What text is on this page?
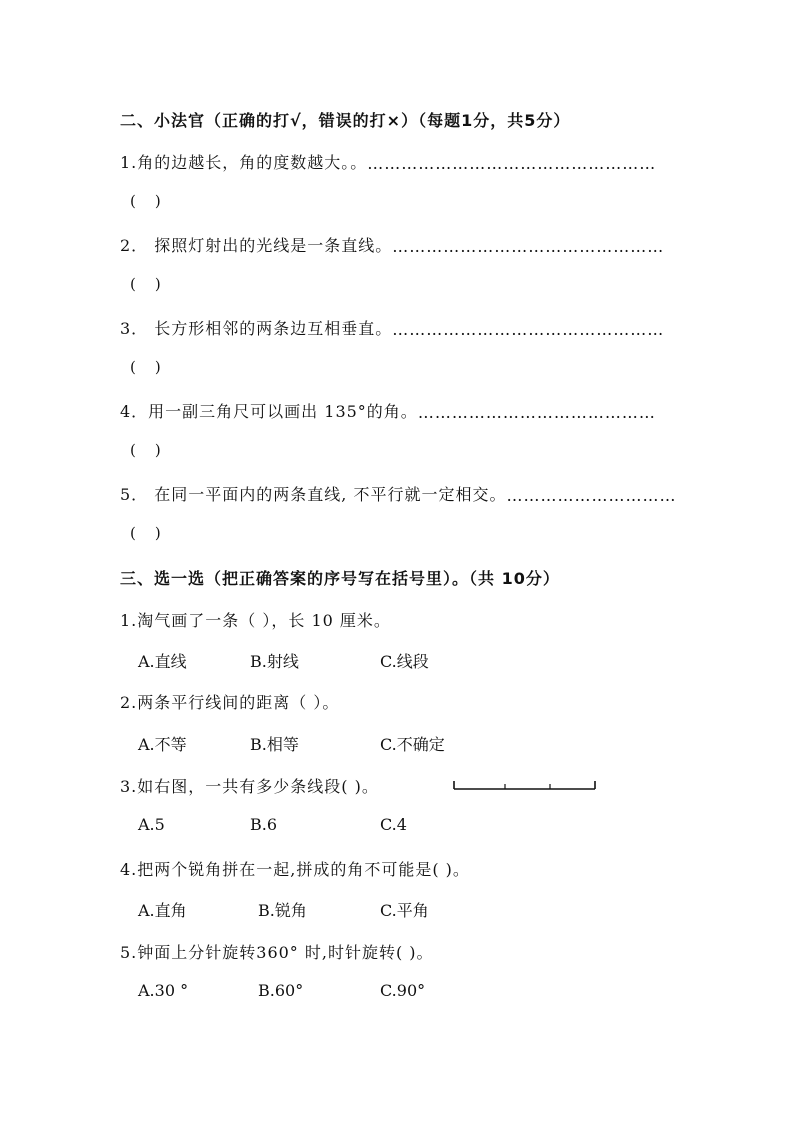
二、小法官（正确的打√，错误的打×）（每题1分，共5分）
1.角的边越长，角的度数越大。。……………………………………………
(    )
2． 探照灯射出的光线是一条直线。…………………………………………
(    )
3． 长方形相邻的两条边互相垂直。…………………………………………
(    )
4．用一副三角尺可以画出 135°的角。……………………………………
(    )
5． 在同一平面内的两条直线, 不平行就一定相交。…………………………
(    )
三、选一选（把正确答案的序号写在括号里）。（共 10分）
1.淘气画了一条（ ），长 10 厘米。
A.直线	B.射线	C.线段
2.两条平行线间的距离（ ）。
A.不等	B.相等	C.不确定
3.如右图，一共有多少条线段( )。
A.5	B.6	C.4
4.把两个锐角拼在一起,拼成的角不可能是( )。
A.直角	B.锐角	C.平角
5.钟面上分针旋转360° 时,时针旋转( )。
A.30 °	B.60°	C.90°
